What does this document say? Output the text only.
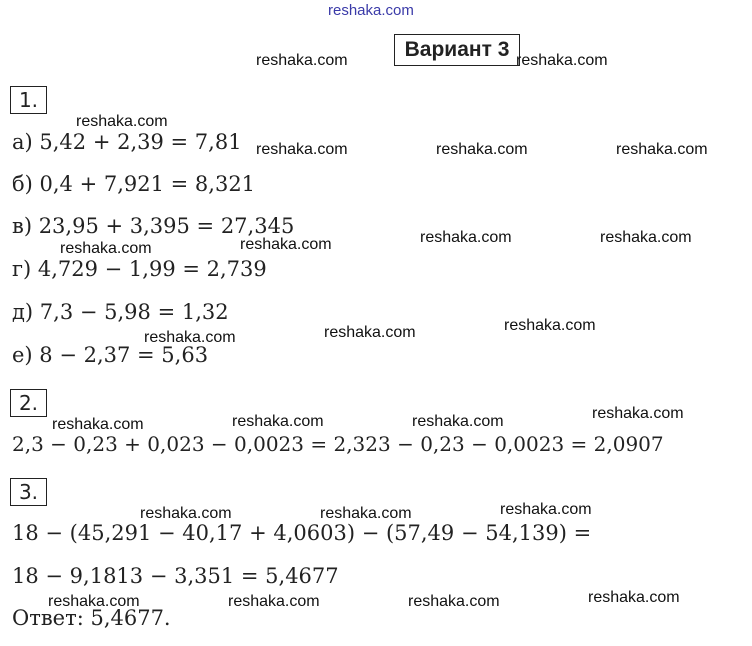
reshaka.com
Вариант 3
1.
а) 5,42 + 2,39 = 7,81
б) 0,4 + 7,921 = 8,321
в) 23,95 + 3,395 = 27,345
г) 4,729 − 1,99 = 2,739
д) 7,3 − 5,98 = 1,32
е) 8 − 2,37 = 5,63
2.
2,3 − 0,23 + 0,023 − 0,0023 = 2,323 − 0,23 − 0,0023 = 2,0907
3.
18 − (45,291 − 40,17 + 4,0603) − (57,49 − 54,139) =
18 − 9,1813 − 3,351 = 5,4677
Ответ: 5,4677.
reshaka.com	reshaka.com
reshaka.com
reshaka.com	reshaka.com	reshaka.com
reshaka.com	reshaka.com	reshaka.com	reshaka.com
reshaka.com	reshaka.com	reshaka.com
reshaka.com	reshaka.com	reshaka.com	reshaka.com
reshaka.com	reshaka.com	reshaka.com
reshaka.com	reshaka.com	reshaka.com	reshaka.com
